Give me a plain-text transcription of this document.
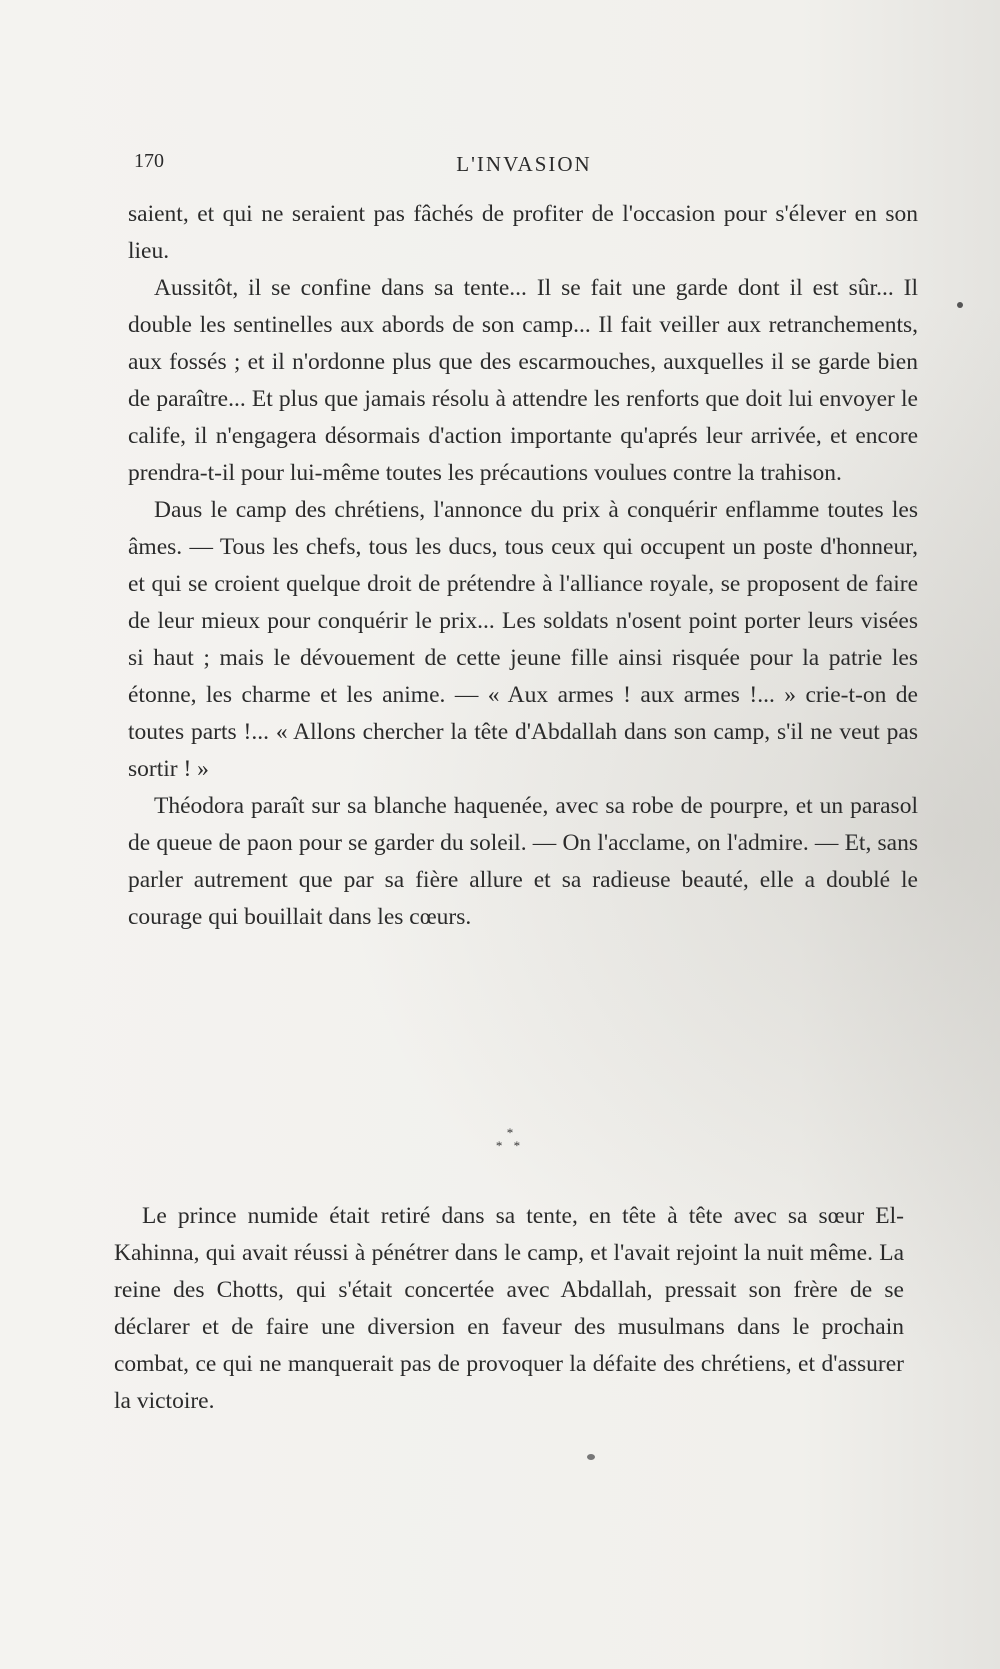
170	L'INVASION

saient, et qui ne seraient pas fâchés de profiter de l'occasion pour s'élever en son lieu.

Aussitôt, il se confine dans sa tente... Il se fait une garde dont il est sûr... Il double les sentinelles aux abords de son camp... Il fait veiller aux retranchements, aux fossés ; et il n'ordonne plus que des escarmouches, auxquelles il se garde bien de paraître... Et plus que jamais résolu à attendre les renforts que doit lui envoyer le calife, il n'engagera désormais d'action importante qu'aprés leur arrivée, et encore prendra-t-il pour lui-même toutes les précautions voulues contre la trahison.

Daus le camp des chrétiens, l'annonce du prix à conquérir enflamme toutes les âmes. — Tous les chefs, tous les ducs, tous ceux qui occupent un poste d'honneur, et qui se croient quelque droit de prétendre à l'alliance royale, se proposent de faire de leur mieux pour conquérir le prix... Les soldats n'osent point porter leurs visées si haut ; mais le dévouement de cette jeune fille ainsi risquée pour la patrie les étonne, les charme et les anime. — « Aux armes ! aux armes !... » crie-t-on de toutes parts !... « Allons chercher la tête d'Abdallah dans son camp, s'il ne veut pas sortir ! »

Théodora paraît sur sa blanche haquenée, avec sa robe de pourpre, et un parasol de queue de paon pour se garder du soleil. — On l'acclame, on l'admire. — Et, sans parler autrement que par sa fière allure et sa radieuse beauté, elle a doublé le courage qui bouillait dans les cœurs.

*
* *

Le prince numide était retiré dans sa tente, en tête à tête avec sa sœur El-Kahinna, qui avait réussi à pénétrer dans le camp, et l'avait rejoint la nuit même. La reine des Chotts, qui s'était concertée avec Abdallah, pressait son frère de se déclarer et de faire une diversion en faveur des musulmans dans le prochain combat, ce qui ne manquerait pas de provoquer la défaite des chrétiens, et d'assurer la victoire.
